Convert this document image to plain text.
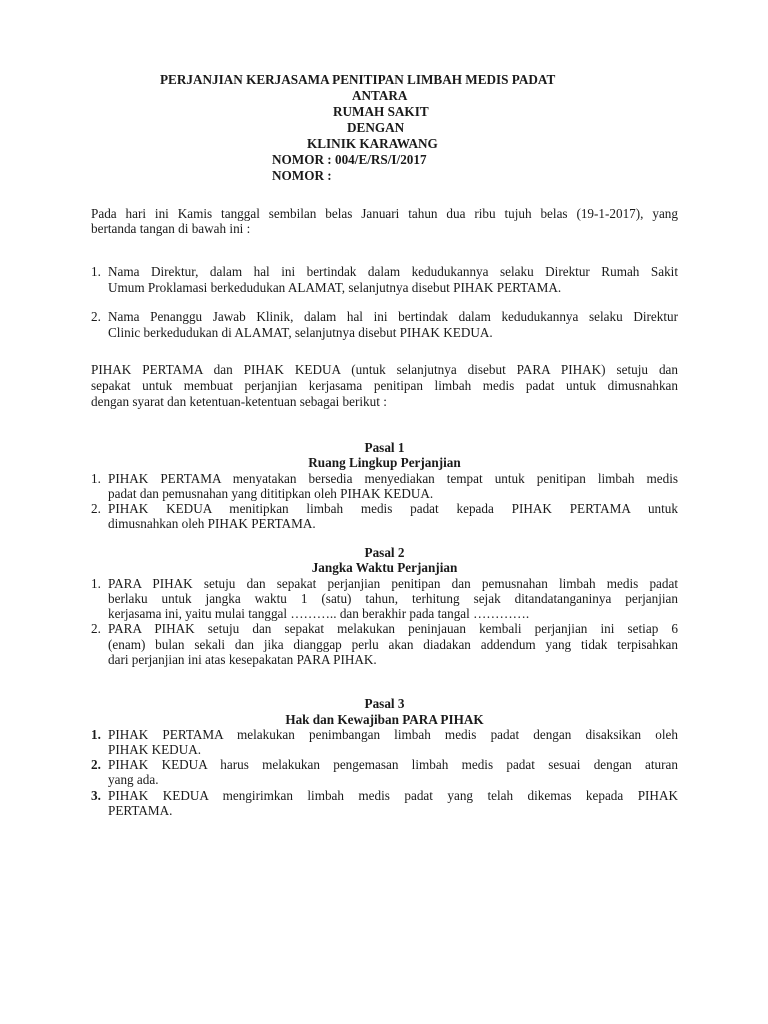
PERJANJIAN KERJASAMA PENITIPAN LIMBAH MEDIS PADAT
ANTARA
RUMAH SAKIT
DENGAN
KLINIK KARAWANG
NOMOR : 004/E/RS/I/2017
NOMOR :
Pada hari ini Kamis tanggal sembilan belas Januari tahun dua ribu tujuh belas (19-1-2017), yang
bertanda tangan di bawah ini :
1. Nama Direktur, dalam hal ini bertindak dalam kedudukannya selaku Direktur Rumah Sakit
Umum Proklamasi berkedudukan ALAMAT, selanjutnya disebut PIHAK PERTAMA.
2. Nama Penanggu Jawab Klinik, dalam hal ini bertindak dalam kedudukannya selaku Direktur
Clinic berkedudukan di ALAMAT, selanjutnya disebut PIHAK KEDUA.
PIHAK PERTAMA dan PIHAK KEDUA (untuk selanjutnya disebut PARA PIHAK) setuju dan
sepakat untuk membuat perjanjian kerjasama penitipan limbah medis padat untuk dimusnahkan
dengan syarat dan ketentuan-ketentuan sebagai berikut :
Pasal 1
Ruang Lingkup Perjanjian
1. PIHAK PERTAMA menyatakan bersedia menyediakan tempat untuk penitipan limbah medis
padat dan pemusnahan yang dititipkan oleh PIHAK KEDUA.
2. PIHAK KEDUA menitipkan limbah medis padat kepada PIHAK PERTAMA untuk
dimusnahkan oleh PIHAK PERTAMA.
Pasal 2
Jangka Waktu Perjanjian
1. PARA PIHAK setuju dan sepakat perjanjian penitipan dan pemusnahan limbah medis padat
berlaku untuk jangka waktu 1 (satu) tahun, terhitung sejak ditandatanganinya perjanjian
kerjasama ini, yaitu mulai tanggal ……….. dan berakhir pada tangal ………….
2. PARA PIHAK setuju dan sepakat melakukan peninjauan kembali perjanjian ini setiap 6
(enam) bulan sekali dan jika dianggap perlu akan diadakan addendum yang tidak terpisahkan
dari perjanjian ini atas kesepakatan PARA PIHAK.
Pasal 3
Hak dan Kewajiban PARA PIHAK
1. PIHAK PERTAMA melakukan penimbangan limbah medis padat dengan disaksikan oleh
PIHAK KEDUA.
2. PIHAK KEDUA harus melakukan pengemasan limbah medis padat sesuai dengan aturan
yang ada.
3. PIHAK KEDUA mengirimkan limbah medis padat yang telah dikemas kepada PIHAK
PERTAMA.
